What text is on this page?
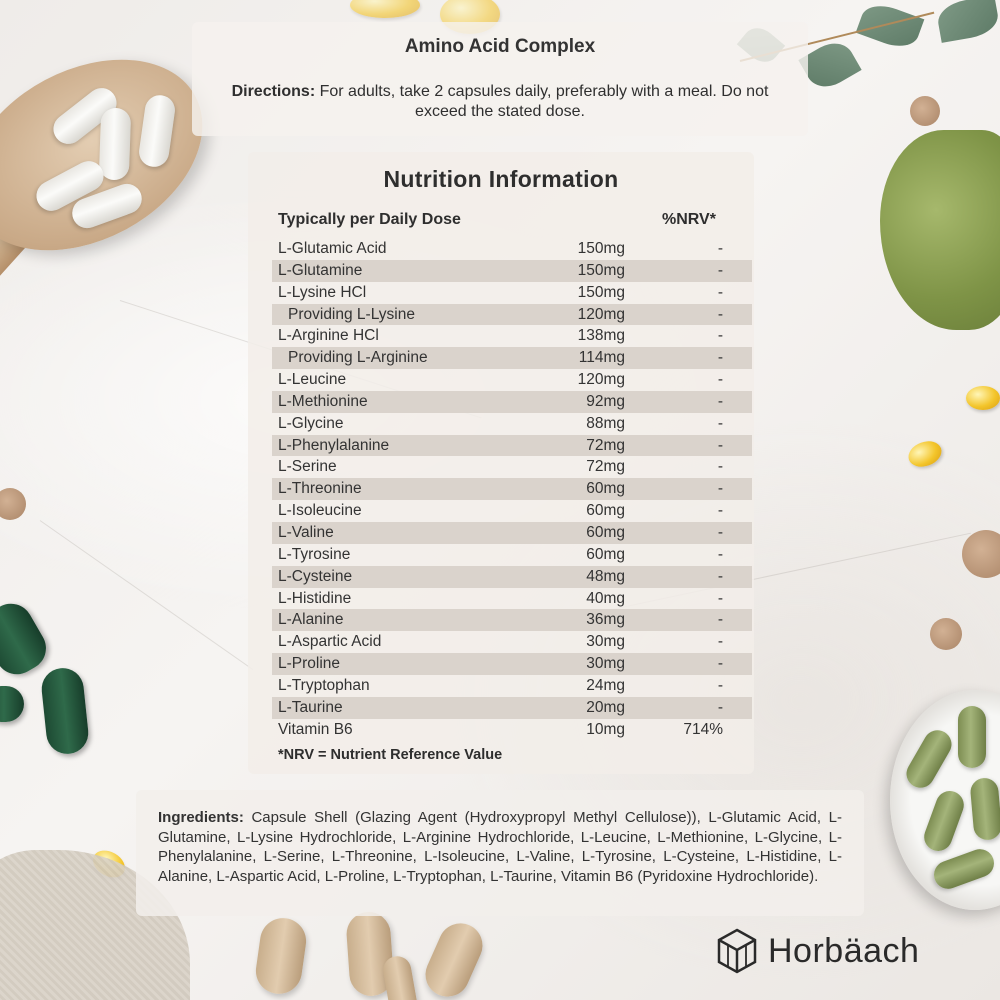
Amino Acid Complex
Directions: For adults, take 2 capsules daily, preferably with a meal. Do not exceed the stated dose.
Nutrition Information
Typically per Daily Dose	%NRV*
L-Glutamic Acid	150mg	-
L-Glutamine	150mg	-
L-Lysine HCl	150mg	-
Providing L-Lysine	120mg	-
L-Arginine HCl	138mg	-
Providing L-Arginine	114mg	-
L-Leucine	120mg	-
L-Methionine	92mg	-
L-Glycine	88mg	-
L-Phenylalanine	72mg	-
L-Serine	72mg	-
L-Threonine	60mg	-
L-Isoleucine	60mg	-
L-Valine	60mg	-
L-Tyrosine	60mg	-
L-Cysteine	48mg	-
L-Histidine	40mg	-
L-Alanine	36mg	-
L-Aspartic Acid	30mg	-
L-Proline	30mg	-
L-Tryptophan	24mg	-
L-Taurine	20mg	-
Vitamin B6	10mg	714%
*NRV = Nutrient Reference Value
Ingredients: Capsule Shell (Glazing Agent (Hydroxypropyl Methyl Cellulose)), L-Glutamic Acid, L-Glutamine, L-Lysine Hydrochloride, L-Arginine Hydrochloride, L-Leucine, L-Methionine, L-Glycine, L-Phenylalanine, L-Serine, L-Threonine, L-Isoleucine, L-Valine, L-Tyrosine, L-Cysteine, L-Histidine, L-Alanine, L-Aspartic Acid, L-Proline, L-Tryptophan, L-Taurine, Vitamin B6 (Pyridoxine Hydrochloride).
Horbäach
